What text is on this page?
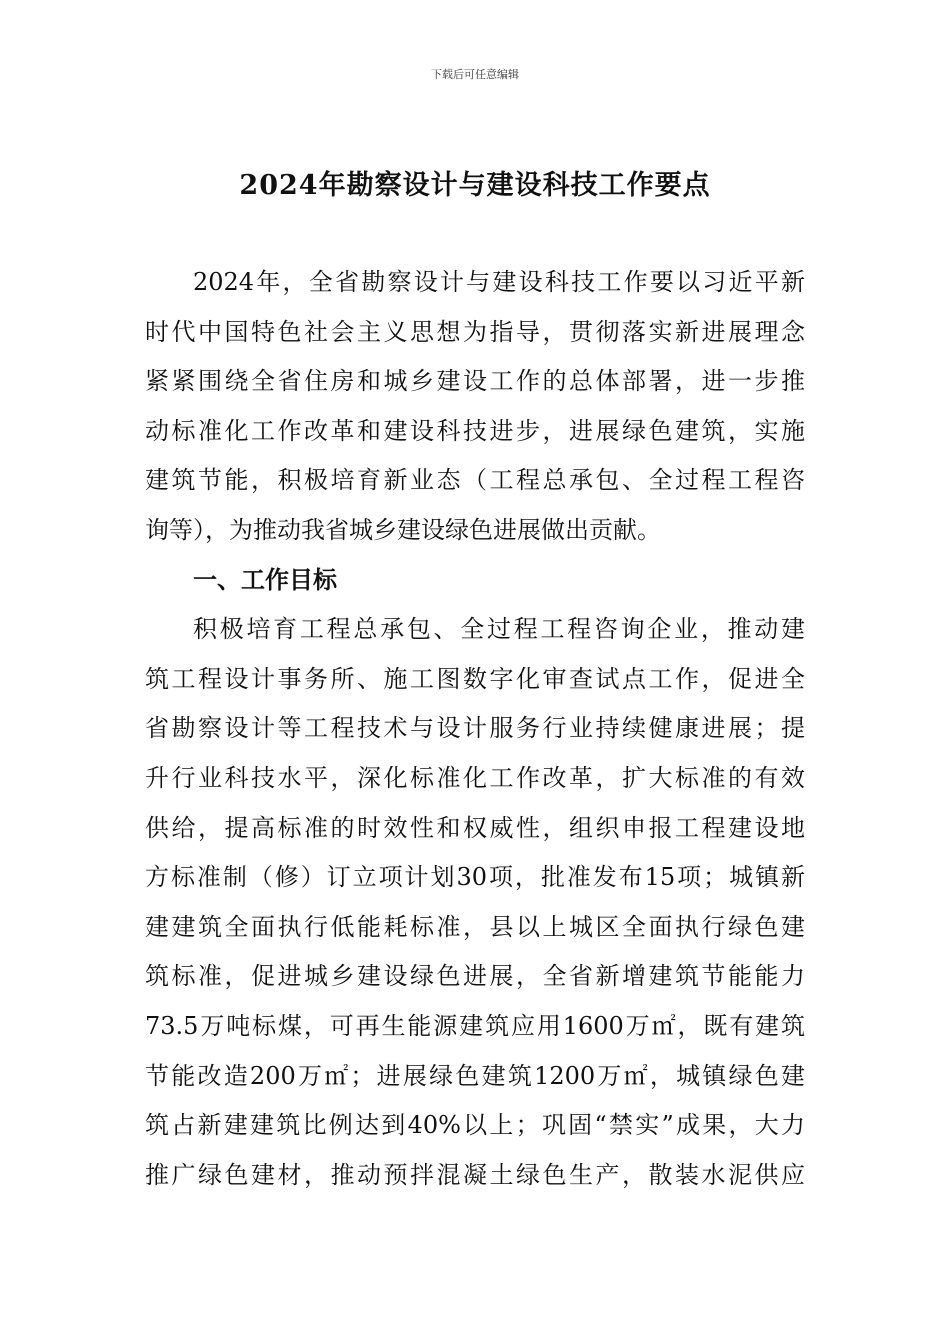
下载后可任意编辑
2024年勘察设计与建设科技工作要点
2024年，全省勘察设计与建设科技工作要以习近平新
时代中国特色社会主义思想为指导，贯彻落实新进展理念
紧紧围绕全省住房和城乡建设工作的总体部署，进一步推
动标准化工作改革和建设科技进步，进展绿色建筑，实施
建筑节能，积极培育新业态（工程总承包、全过程工程咨
询等），为推动我省城乡建设绿色进展做出贡献。
一、工作目标
积极培育工程总承包、全过程工程咨询企业，推动建
筑工程设计事务所、施工图数字化审查试点工作，促进全
省勘察设计等工程技术与设计服务行业持续健康进展；提
升行业科技水平，深化标准化工作改革，扩大标准的有效
供给，提高标准的时效性和权威性，组织申报工程建设地
方标准制（修）订立项计划30项，批准发布15项；城镇新
建建筑全面执行低能耗标准，县以上城区全面执行绿色建
筑标准，促进城乡建设绿色进展，全省新增建筑节能能力
73.5万吨标煤，可再生能源建筑应用1600万㎡，既有建筑
节能改造200万㎡；进展绿色建筑1200万㎡，城镇绿色建
筑占新建建筑比例达到40%以上；巩固“禁实”成果，大力
推广绿色建材，推动预拌混凝土绿色生产，散装水泥供应
